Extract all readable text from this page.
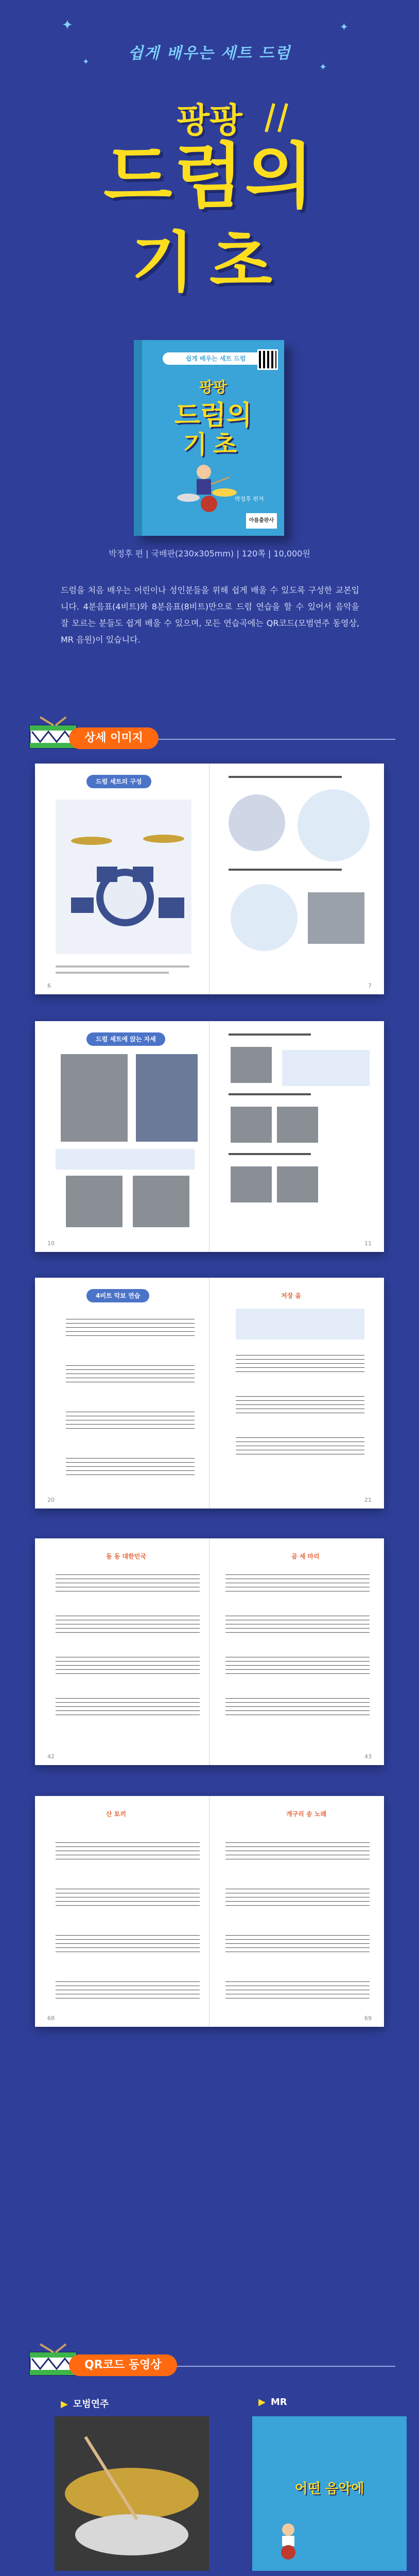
✦	✦
✦
✦
쉽게 배우는 세트 드럼
팡팡
드럼의
기초
쉽게 배우는 세트 드럼
팡팡
드럼의
기초
박정후 편저
아름출판사
박정후 편 | 국배판(230x305mm) | 120쪽 | 10,000원
드럼을 처음 배우는 어린이나 성인분들을 위해 쉽게 배울 수 있도록 구성한 교본입니다. 4분음표(4비트)와 8분음표(8비트)만으로 드럼 연습을 할 수 있어서 음악을 잘 모르는 분들도 쉽게 배울 수 있으며, 모든 연습곡에는 QR코드(모범연주 동영상, MR 음원)이 있습니다.
상세 이미지
드럼 세트의 구성
6	7
드럼 세트에 앉는 자세
10	11
4비트 악보 연습
20
저장 음
21
동 동 대한민국
42
곰 세 마리
43
산 토끼
68
개구리 송 노래
69
QR코드 동영상
▶ 모범연주	▶ MR
어떤 음악에
